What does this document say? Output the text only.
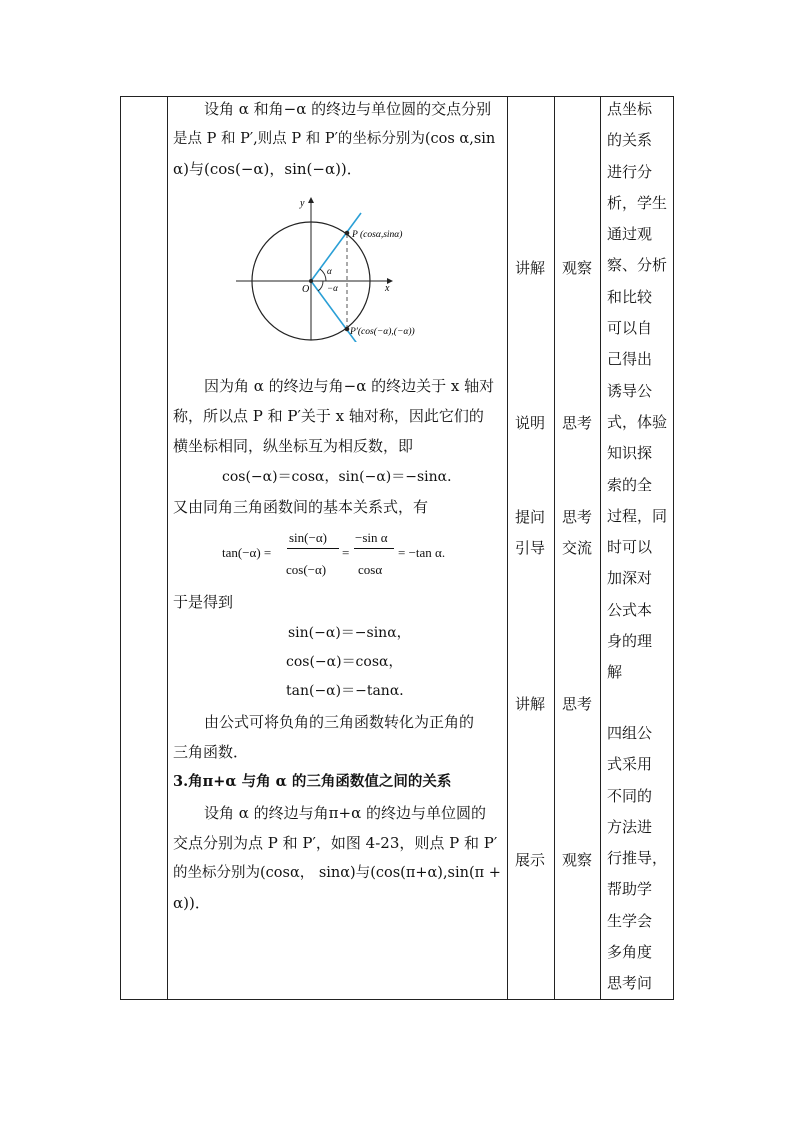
设角 α 和角−α 的终边与单位圆的交点分别
是点 P 和 P′,则点 P 和 P′的坐标分别为(cos α,sin
α)与(cos(−α)，sin(−α))．
y
x
O
α
−α
P (cosα,sinα)
P′(cos(−α),(−α))
因为角 α 的终边与角−α 的终边关于 x 轴对
称，所以点 P 和 P′关于 x 轴对称，因此它们的
横坐标相同，纵坐标互为相反数，即
cos(−α)＝cosα，sin(−α)＝−sinα．
又由同角三角函数间的基本关系式，有
tan(−α) =
sin(−α)
cos(−α)
=
−sin α
cosα
= −tan α.
于是得到
sin(−α)＝−sinα，
cos(−α)＝cosα，
tan(−α)＝−tanα．
由公式可将负角的三角函数转化为正角的
三角函数．
3.角π+α 与角 α 的三角函数值之间的关系
设角 α 的终边与角π+α 的终边与单位圆的
交点分别为点 P 和 P′，如图 4-23，则点 P 和 P′
的坐标分别为(cosα， sinα)与(cos(π+α),sin(π +
α))．
讲解
说明
提问
引导
讲解
展示
观察
思考
思考
交流
思考
观察
点坐标
的关系
进行分
析，学生
通过观
察、分析
和比较
可以自
己得出
诱导公
式，体验
知识探
索的全
过程，同
时可以
加深对
公式本
身的理
解
四组公
式采用
不同的
方法进
行推导，
帮助学
生学会
多角度
思考问
